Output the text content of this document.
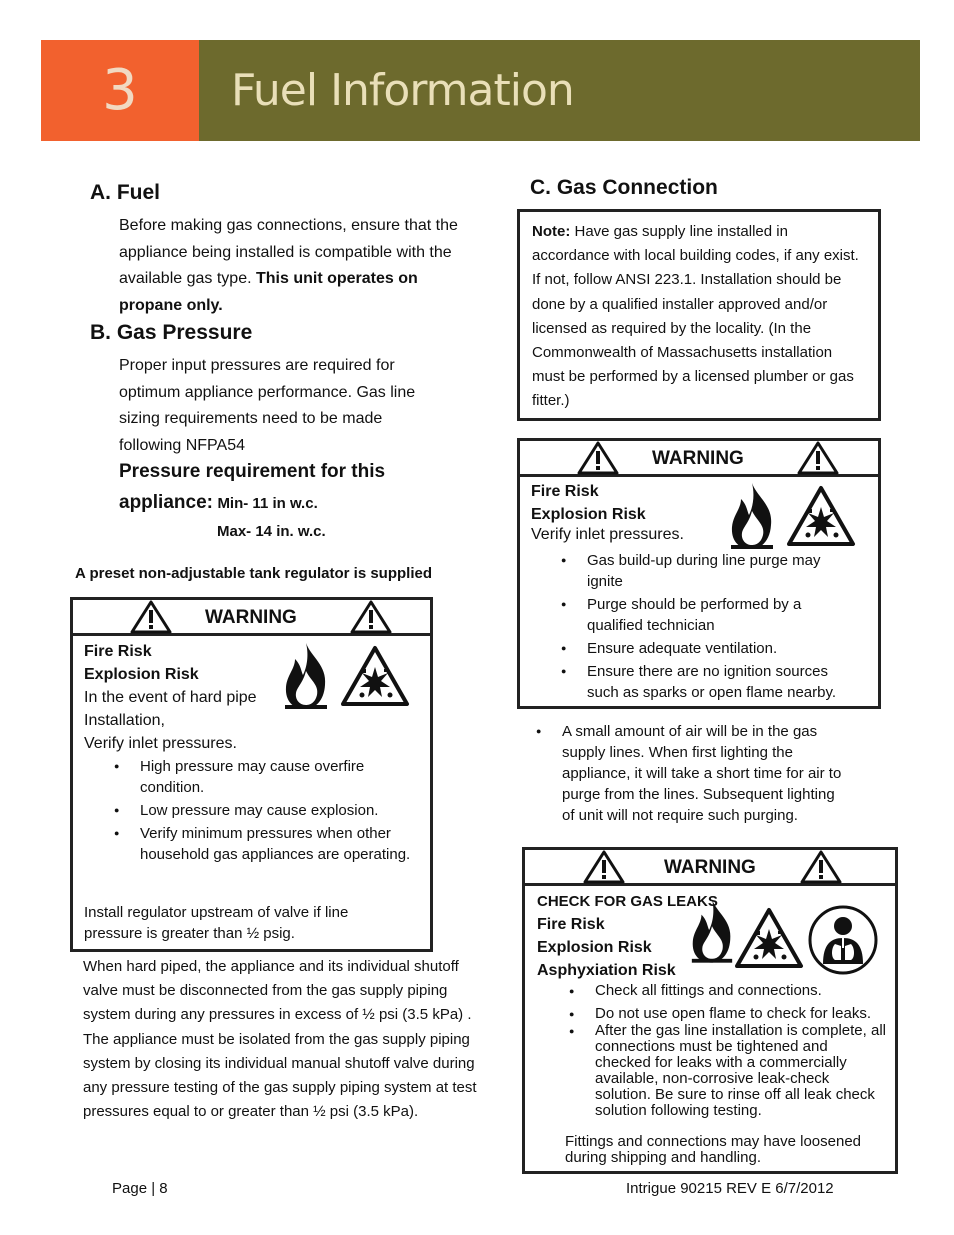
3	Fuel Information
A. Fuel
Before making gas connections, ensure that the appliance being installed is compatible with the available gas type. This unit operates on propane only.
B. Gas Pressure
Proper input pressures are required for
optimum appliance performance. Gas line
sizing requirements need to be made
following NFPA54
Pressure requirement for this
appliance: Min- 11 in w.c.
Max- 14 in. w.c.
A preset non-adjustable tank regulator is supplied
WARNING
Fire Risk
Explosion Risk
In the event of hard pipe
Installation,
Verify inlet pressures.
● High pressure may cause overfire condition.
● Low pressure may cause explosion.
● Verify minimum pressures when other household gas appliances are operating.
Install regulator upstream of valve if line pressure is greater than ½ psig.
When hard piped, the appliance and its individual shutoff valve must be disconnected from the gas supply piping system during any pressures in excess of ½ psi (3.5 kPa) .
The appliance must be isolated from the gas supply piping system by closing its individual manual shutoff valve during any pressure testing of the gas supply piping system at test pressures equal to or greater than ½ psi (3.5 kPa).
C. Gas Connection
Note: Have gas supply line installed in accordance with local building codes, if any exist. If not, follow ANSI 223.1. Installation should be done by a qualified installer approved and/or licensed as required by the locality. (In the Commonwealth of Massachusetts installation must be performed by a licensed plumber or gas fitter.)
WARNING
Fire Risk
Explosion Risk
Verify inlet pressures.
● Gas build-up during line purge may ignite
● Purge should be performed by a qualified technician
● Ensure adequate ventilation.
● Ensure there are no ignition sources such as sparks or open flame nearby.
● A small amount of air will be in the gas supply lines. When first lighting the appliance, it will take a short time for air to purge from the lines. Subsequent lighting of unit will not require such purging.
WARNING
CHECK FOR GAS LEAKS
Fire Risk
Explosion Risk
Asphyxiation Risk
● Check all fittings and connections.
● Do not use open flame to check for leaks.
● After the gas line installation is complete, all connections must be tightened and checked for leaks with a commercially available, non-corrosive leak-check solution. Be sure to rinse off all leak check solution following testing.
Fittings and connections may have loosened during shipping and handling.
Page | 8	Intrigue 90215 REV E 6/7/2012
